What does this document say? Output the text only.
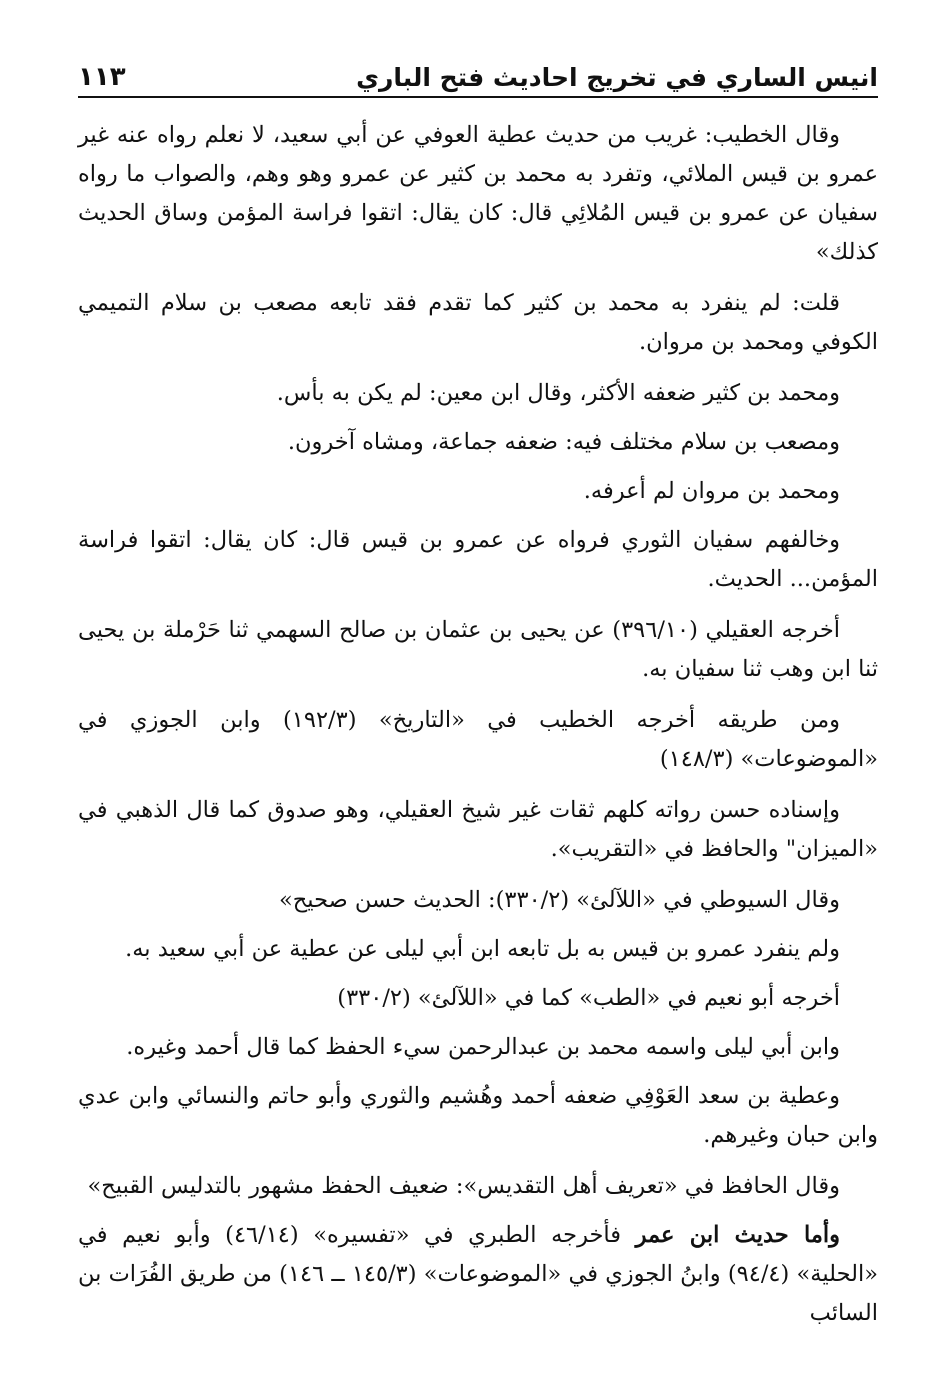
انيس الساري في تخريج احاديث فتح الباري
١١٣

وقال الخطيب: غريب من حديث عطية العوفي عن أبي سعيد، لا نعلم رواه عنه غير عمرو بن قيس الملائي، وتفرد به محمد بن كثير عن عمرو وهو وهم، والصواب ما رواه سفيان عن عمرو بن قيس المُلائِي قال: كان يقال: اتقوا فراسة المؤمن وساق الحديث كذلك»

قلت: لم ينفرد به محمد بن كثير كما تقدم فقد تابعه مصعب بن سلام التميمي الكوفي ومحمد بن مروان.

ومحمد بن كثير ضعفه الأكثر، وقال ابن معين: لم يكن به بأس.

ومصعب بن سلام مختلف فيه: ضعفه جماعة، ومشاه آخرون.

ومحمد بن مروان لم أعرفه.

وخالفهم سفيان الثوري فرواه عن عمرو بن قيس قال: كان يقال: اتقوا فراسة المؤمن... الحديث.

أخرجه العقيلي (٣٩٦/١٠) عن يحيى بن عثمان بن صالح السهمي ثنا حَرْملة بن يحيى ثنا ابن وهب ثنا سفيان به.

ومن طريقه أخرجه الخطيب في «التاريخ» (١٩٢/٣) وابن الجوزي في «الموضوعات» (١٤٨/٣)

وإسناده حسن رواته كلهم ثقات غير شيخ العقيلي، وهو صدوق كما قال الذهبي في «الميزان" والحافظ في «التقريب».

وقال السيوطي في «اللآلئ» (٣٣٠/٢): الحديث حسن صحيح»

ولم ينفرد عمرو بن قيس به بل تابعه ابن أبي ليلى عن عطية عن أبي سعيد به.

أخرجه أبو نعيم في «الطب» كما في «اللآلئ» (٣٣٠/٢)

وابن أبي ليلى واسمه محمد بن عبدالرحمن سيء الحفظ كما قال أحمد وغيره.

وعطية بن سعد العَوْفِي ضعفه أحمد وهُشيم والثوري وأبو حاتم والنسائي وابن عدي وابن حبان وغيرهم.

وقال الحافظ في «تعريف أهل التقديس»: ضعيف الحفظ مشهور بالتدليس القبيح»

وأما حديث ابن عمر فأخرجه الطبري في «تفسيره» (٤٦/١٤) وأبو نعيم في «الحلية» (٩٤/٤) وابنُ الجوزي في «الموضوعات» (١٤٥/٣ ــ ١٤٦) من طريق الفُرَات بن السائب
